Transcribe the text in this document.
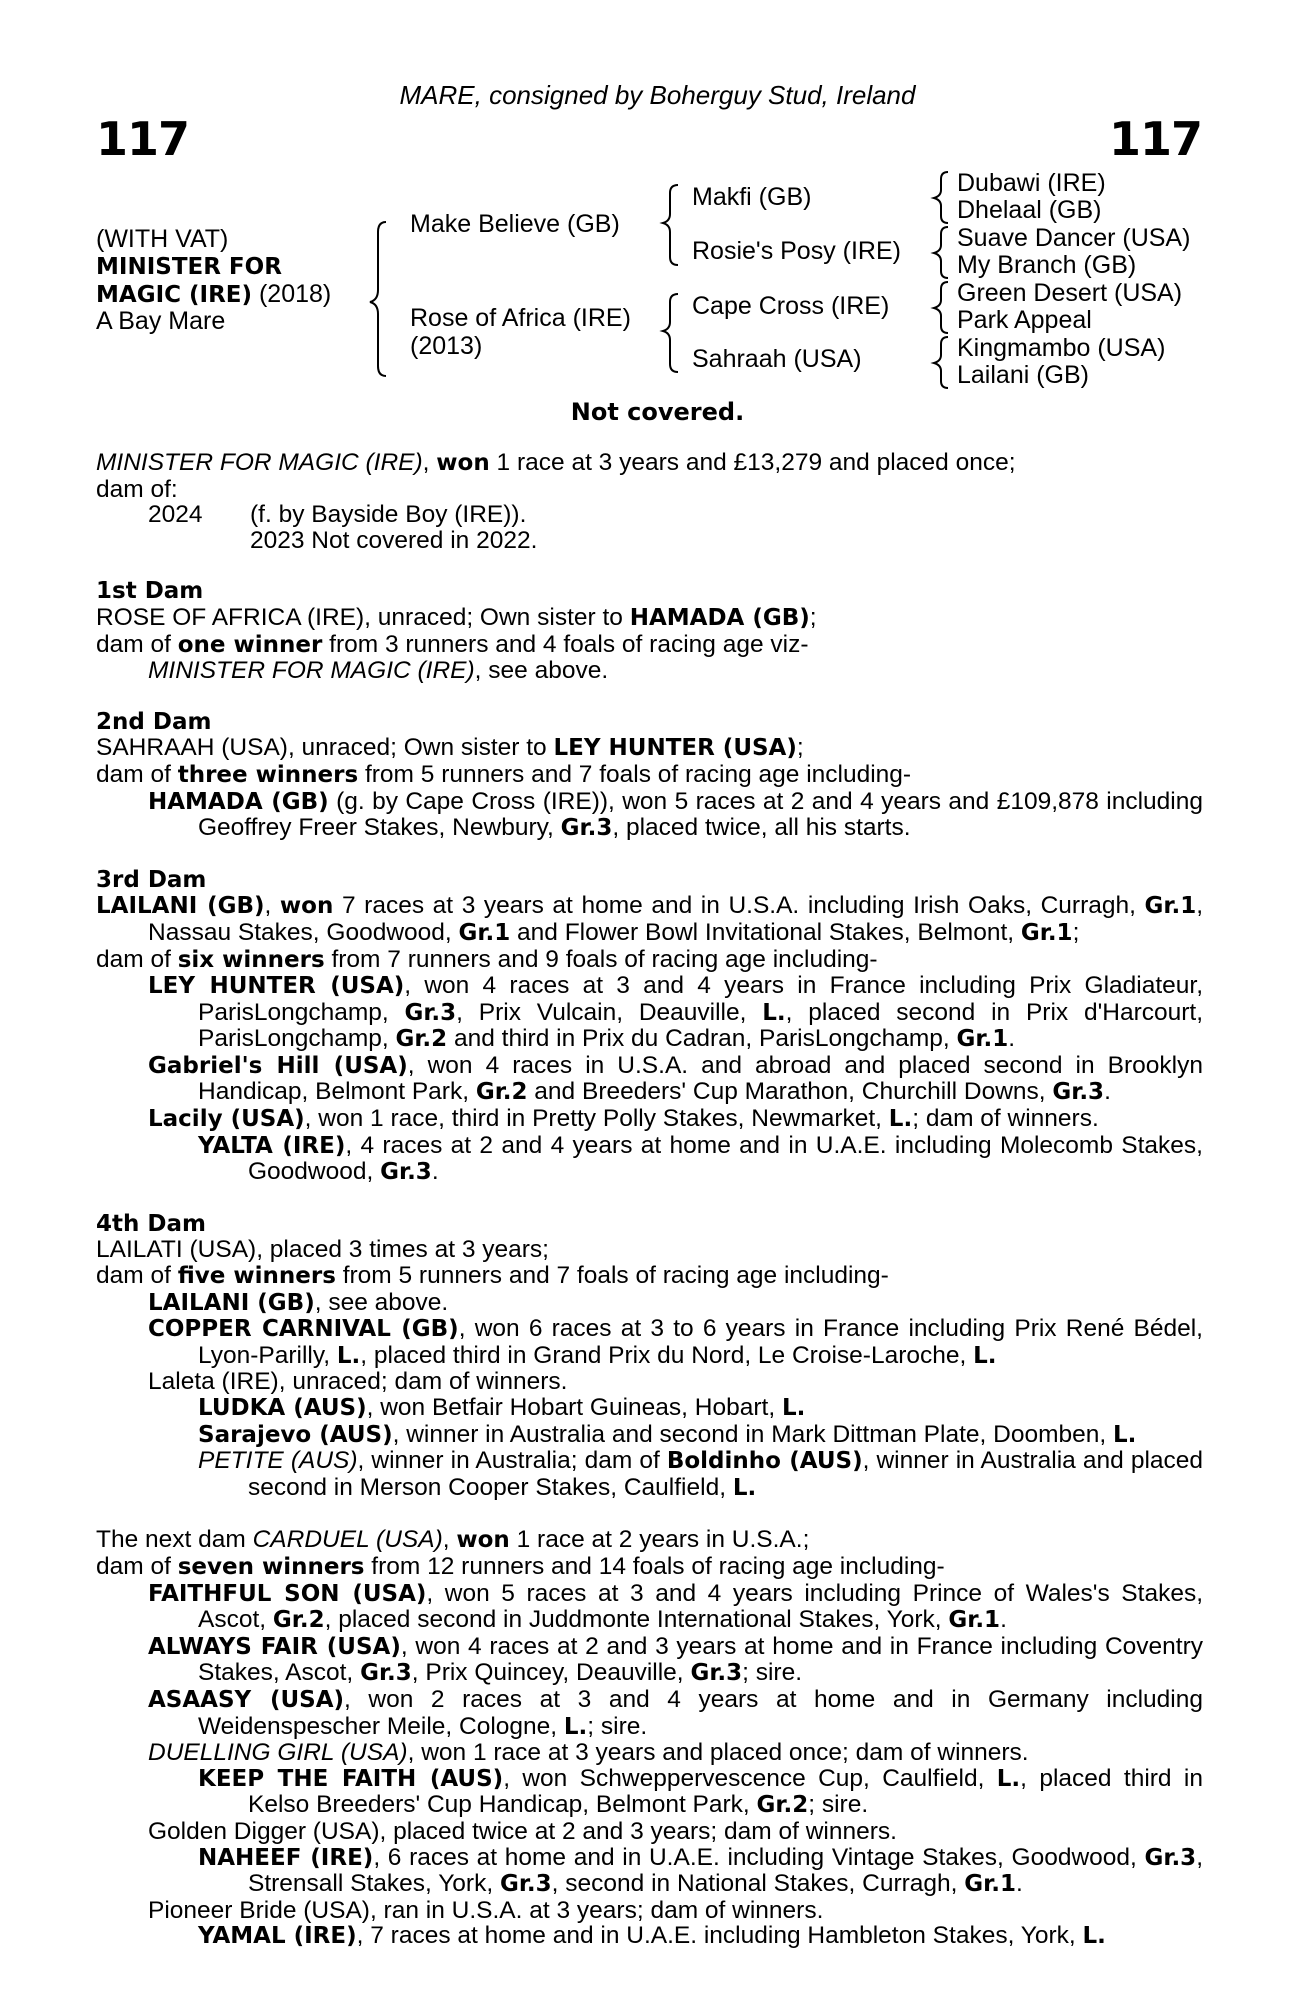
MARE, consigned by Boherguy Stud, Ireland
117	117
(WITH VAT)
MINISTER FOR
MAGIC (IRE) (2018)
A Bay Mare
Make Believe (GB)
Rose of Africa (IRE)
(2013)
Makfi (GB)
Rosie's Posy (IRE)
Cape Cross (IRE)
Sahraah (USA)
Dubawi (IRE)
Dhelaal (GB)
Suave Dancer (USA)
My Branch (GB)
Green Desert (USA)
Park Appeal
Kingmambo (USA)
Lailani (GB)
Not covered.

MINISTER FOR MAGIC (IRE), won 1 race at 3 years and £13,279 and placed once;

dam of:

2024 (f. by Bayside Boy (IRE)).

2023 Not covered in 2022.

1st Dam

ROSE OF AFRICA (IRE), unraced; Own sister to HAMADA (GB);

dam of one winner from 3 runners and 4 foals of racing age viz-

MINISTER FOR MAGIC (IRE), see above.

2nd Dam

SAHRAAH (USA), unraced; Own sister to LEY HUNTER (USA);

dam of three winners from 5 runners and 7 foals of racing age including-

HAMADA (GB) (g. by Cape Cross (IRE)), won 5 races at 2 and 4 years and £109,878 including Geoffrey Freer Stakes, Newbury, Gr.3, placed twice, all his starts.

3rd Dam

LAILANI (GB), won 7 races at 3 years at home and in U.S.A. including Irish Oaks, Curragh, Gr.1, Nassau Stakes, Goodwood, Gr.1 and Flower Bowl Invitational Stakes, Belmont, Gr.1;

dam of six winners from 7 runners and 9 foals of racing age including-

LEY HUNTER (USA), won 4 races at 3 and 4 years in France including Prix Gladiateur, ParisLongchamp, Gr.3, Prix Vulcain, Deauville, L., placed second in Prix d'Harcourt, ParisLongchamp, Gr.2 and third in Prix du Cadran, ParisLongchamp, Gr.1.

Gabriel's Hill (USA), won 4 races in U.S.A. and abroad and placed second in Brooklyn Handicap, Belmont Park, Gr.2 and Breeders' Cup Marathon, Churchill Downs, Gr.3.

Lacily (USA), won 1 race, third in Pretty Polly Stakes, Newmarket, L.; dam of winners.

YALTA (IRE), 4 races at 2 and 4 years at home and in U.A.E. including Molecomb Stakes, Goodwood, Gr.3.

4th Dam

LAILATI (USA), placed 3 times at 3 years;

dam of five winners from 5 runners and 7 foals of racing age including-

LAILANI (GB), see above.

COPPER CARNIVAL (GB), won 6 races at 3 to 6 years in France including Prix René Bédel, Lyon-Parilly, L., placed third in Grand Prix du Nord, Le Croise-Laroche, L.

Laleta (IRE), unraced; dam of winners.

LUDKA (AUS), won Betfair Hobart Guineas, Hobart, L.

Sarajevo (AUS), winner in Australia and second in Mark Dittman Plate, Doomben, L.

PETITE (AUS), winner in Australia; dam of Boldinho (AUS), winner in Australia and placed second in Merson Cooper Stakes, Caulfield, L.

The next dam CARDUEL (USA), won 1 race at 2 years in U.S.A.;

dam of seven winners from 12 runners and 14 foals of racing age including-

FAITHFUL SON (USA), won 5 races at 3 and 4 years including Prince of Wales's Stakes, Ascot, Gr.2, placed second in Juddmonte International Stakes, York, Gr.1.

ALWAYS FAIR (USA), won 4 races at 2 and 3 years at home and in France including Coventry Stakes, Ascot, Gr.3, Prix Quincey, Deauville, Gr.3; sire.

ASAASY (USA), won 2 races at 3 and 4 years at home and in Germany including Weidenspescher Meile, Cologne, L.; sire.

DUELLING GIRL (USA), won 1 race at 3 years and placed once; dam of winners.

KEEP THE FAITH (AUS), won Schweppervescence Cup, Caulfield, L., placed third in Kelso Breeders' Cup Handicap, Belmont Park, Gr.2; sire.

Golden Digger (USA), placed twice at 2 and 3 years; dam of winners.

NAHEEF (IRE), 6 races at home and in U.A.E. including Vintage Stakes, Goodwood, Gr.3, Strensall Stakes, York, Gr.3, second in National Stakes, Curragh, Gr.1.

Pioneer Bride (USA), ran in U.S.A. at 3 years; dam of winners.

YAMAL (IRE), 7 races at home and in U.A.E. including Hambleton Stakes, York, L.
